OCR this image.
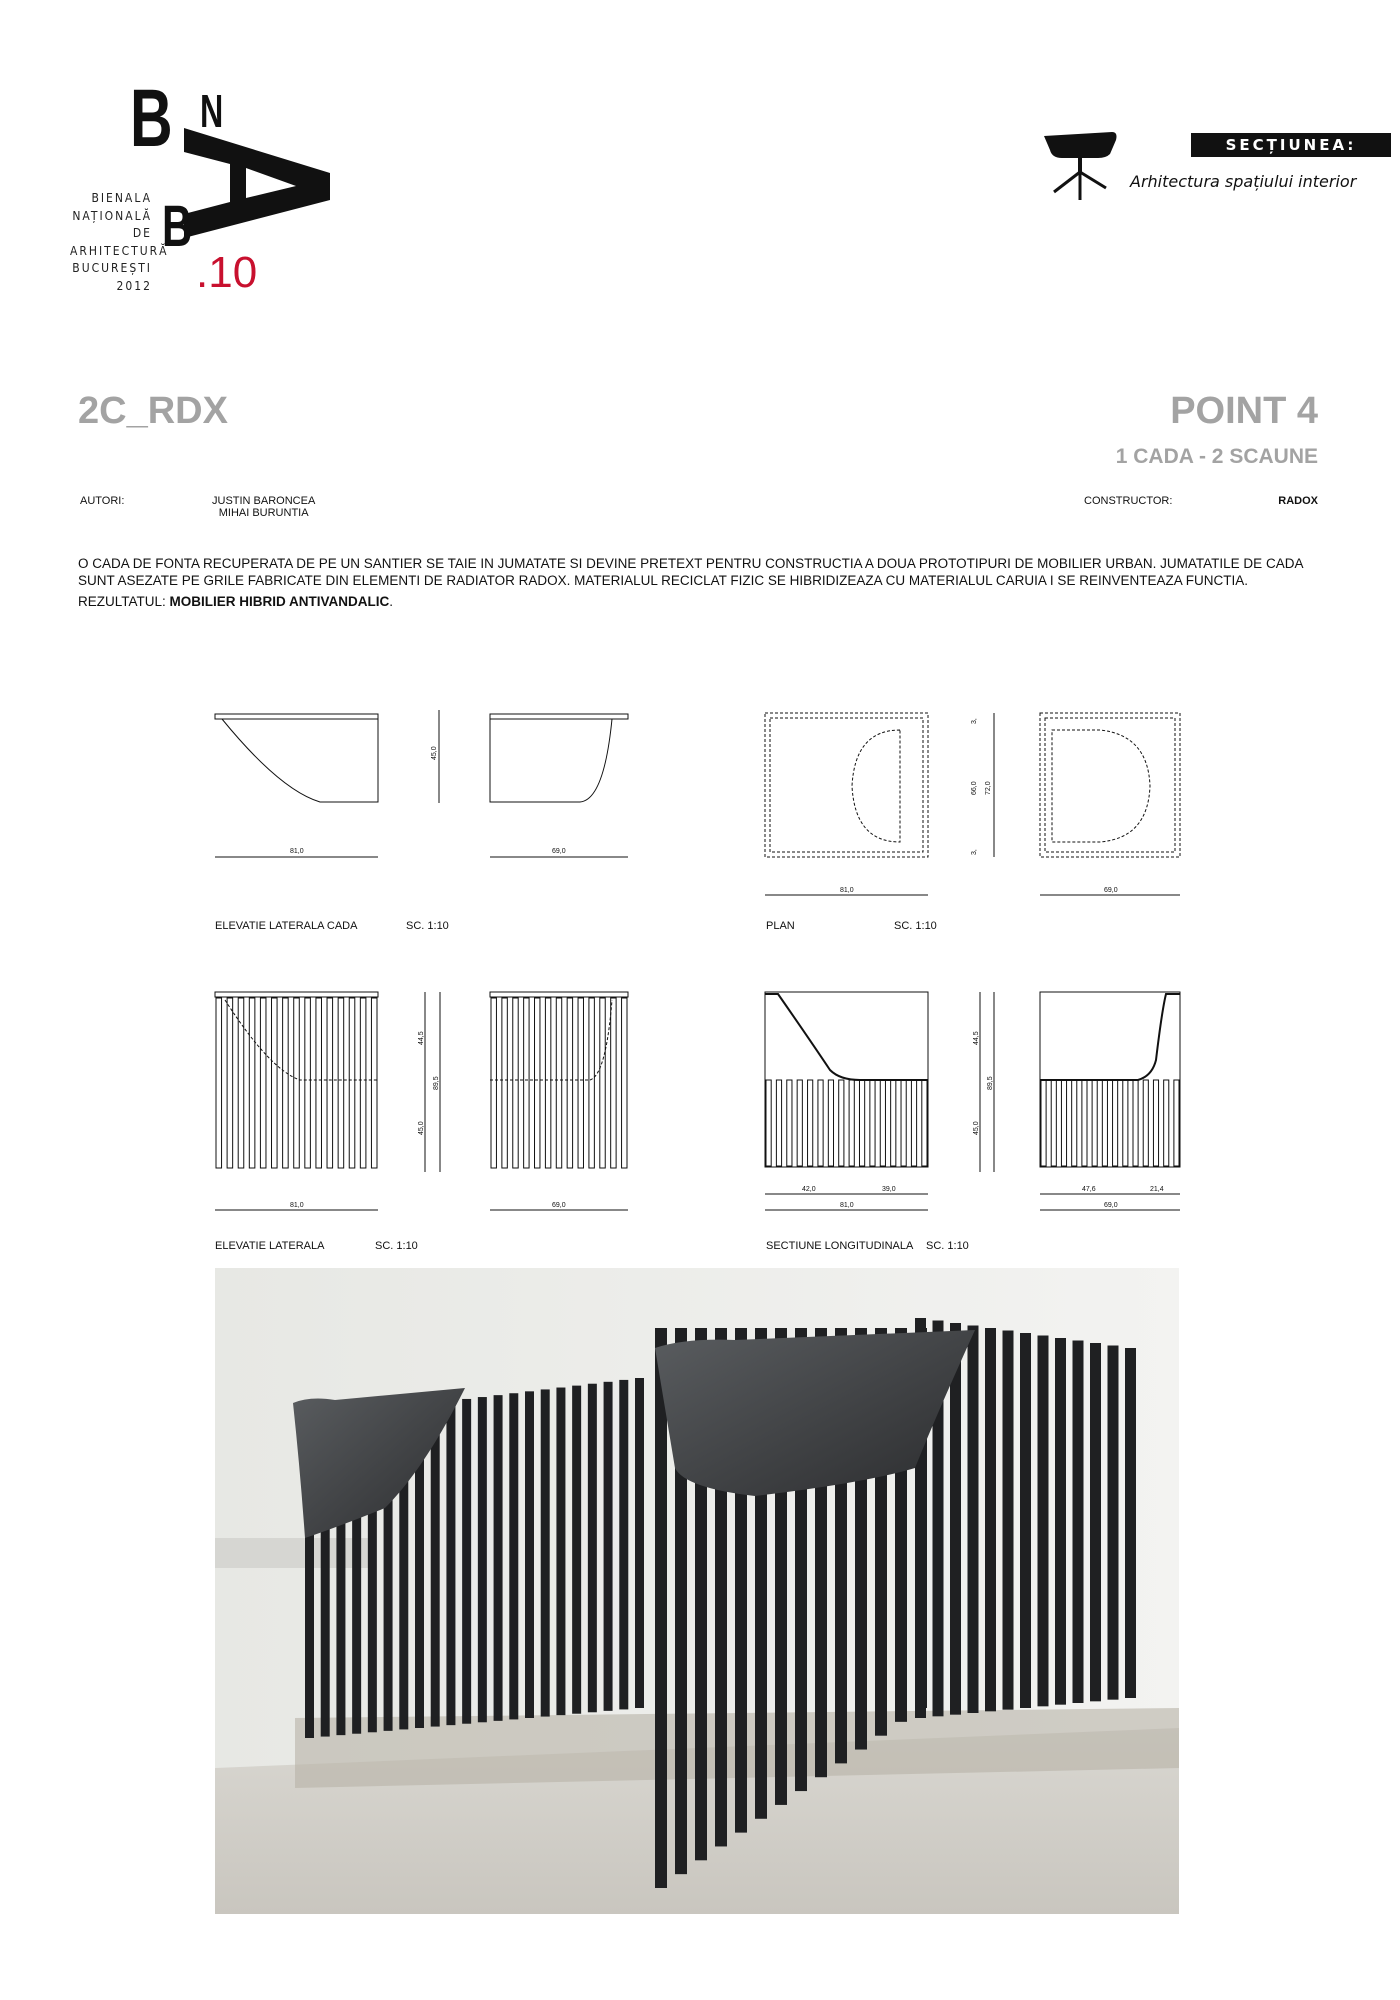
B N
B
BIENALA
NAȚIONALĂ
DE
ARHITECTURĂ
BUCUREȘTI
2012 .10
SECȚIUNEA:
Arhitectura spațiului interior
2C_RDX	POINT 4
1 CADA - 2 SCAUNE
AUTORI:	JUSTIN BARONCEA
MIHAI BURUNTIA
CONSTRUCTOR:	RADOX
O CADA DE FONTA RECUPERATA DE PE UN SANTIER SE TAIE IN JUMATATE SI DEVINE PRETEXT PENTRU CONSTRUCTIA A DOUA PROTOTIPURI DE MOBILIER URBAN. JUMATATILE DE CADA SUNT ASEZATE PE GRILE FABRICATE DIN ELEMENTI DE RADIATOR RADOX. MATERIALUL RECICLAT FIZIC SE HIBRIDIZEAZA CU MATERIALUL CARUIA I SE REINVENTEAZA FUNCTIA.
REZULTATUL: MOBILIER HIBRID ANTIVANDALIC.
81,0	69,0
45,0
81,0	69,0
66,0 72,0
3,
3,
81,0	69,0
44,5
45,0
89,5
42,0	39,0
81,0
47,6	21,4
69,0
44,5
45,0
89,5
ELEVATIE LATERALA CADA	SC. 1:10	PLAN	SC. 1:10
ELEVATIE LATERALA	SC. 1:10	SECTIUNE LONGITUDINALA SC. 1:10
